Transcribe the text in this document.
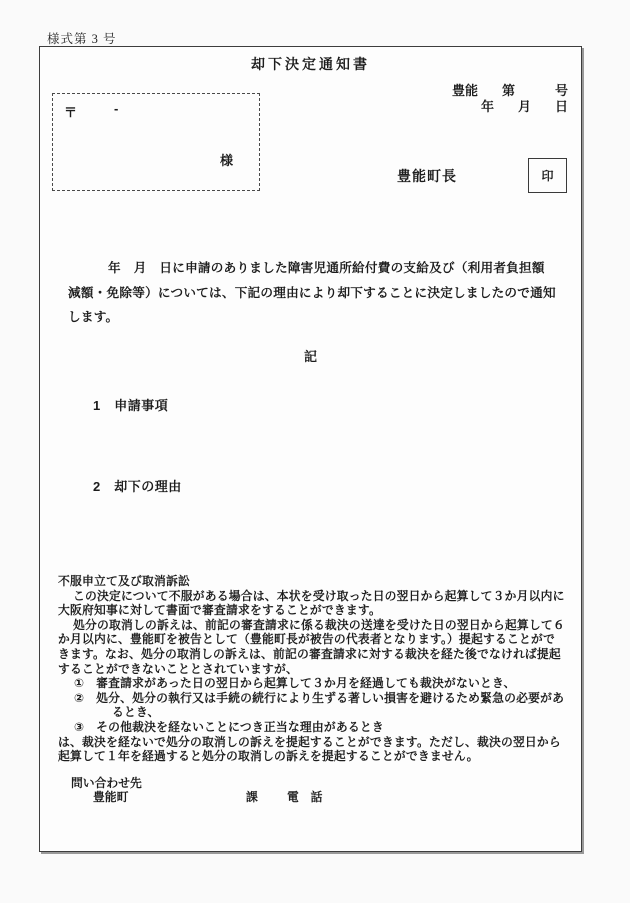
様式第 3 号
却下決定通知書
豊能 第	号
年 月 日
〒	-
様
豊能町長	印
年　月　日に申請のありました障害児通所給付費の支給及び（利用者負担額
減額・免除等）については、下記の理由により却下することに決定しましたので通知
します。
記
1　申請事項
2　却下の理由
不服申立て及び取消訴訟
この決定について不服がある場合は、本状を受け取った日の翌日から起算して３か月以内に
大阪府知事に対して書面で審査請求をすることができます。
処分の取消しの訴えは、前記の審査請求に係る裁決の送達を受けた日の翌日から起算して６
か月以内に、豊能町を被告として（豊能町長が被告の代表者となります。）提起することがで
きます。なお、処分の取消しの訴えは、前記の審査請求に対する裁決を経た後でなければ提起
することができないこととされていますが、
①　審査請求があった日の翌日から起算して３か月を経過しても裁決がないとき、
②　処分、処分の執行又は手続の続行により生ずる著しい損害を避けるため緊急の必要があ
るとき、
③　その他裁決を経ないことにつき正当な理由があるとき
は、裁決を経ないで処分の取消しの訴えを提起することができます。ただし、裁決の翌日から
起算して１年を経過すると処分の取消しの訴えを提起することができません。
問い合わせ先
豊能町	課 電　話
